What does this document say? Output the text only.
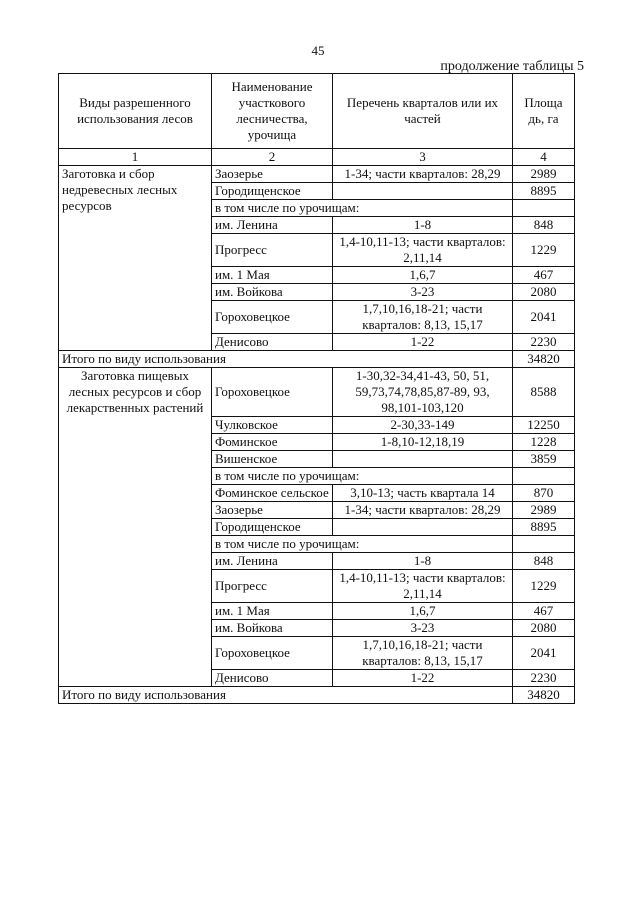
45
продолжение таблицы 5
Виды разрешенного использования лесов	Наименование участкового лесничества, урочища	Перечень кварталов или их частей	Площа
дь, га
1	2	3	4
Заготовка и сбор недревесных лесных ресурсов	Заозерье	1-34; части кварталов: 28,29	2989
	Городищенское		8895
	в том числе по урочищам:		
	им. Ленина	1-8	848
	Прогресс	1,4-10,11-13; части кварталов: 2,11,14	1229
	им. 1 Мая	1,6,7	467
	им. Войкова	3-23	2080
	Гороховецкое	1,7,10,16,18-21; части кварталов: 8,13, 15,17	2041
	Денисово	1-22	2230
Итого по виду использования			34820
Заготовка пищевых лесных ресурсов и сбор лекарственных растений	Гороховецкое	1-30,32-34,41-43, 50, 51, 59,73,74,78,85,87-89, 93, 98,101-103,120	8588
	Чулковское	2-30,33-149	12250
	Фоминское	1-8,10-12,18,19	1228
	Вишенское		3859
	в том числе по урочищам:		
	Фоминское сельское	3,10-13; часть квартала 14	870
	Заозерье	1-34; части кварталов: 28,29	2989
	Городищенское		8895
	в том числе по урочищам:		
	им. Ленина	1-8	848
	Прогресс	1,4-10,11-13; части кварталов: 2,11,14	1229
	им. 1 Мая	1,6,7	467
	им. Войкова	3-23	2080
	Гороховецкое	1,7,10,16,18-21; части кварталов: 8,13, 15,17	2041
	Денисово	1-22	2230
Итого по виду использования			34820
